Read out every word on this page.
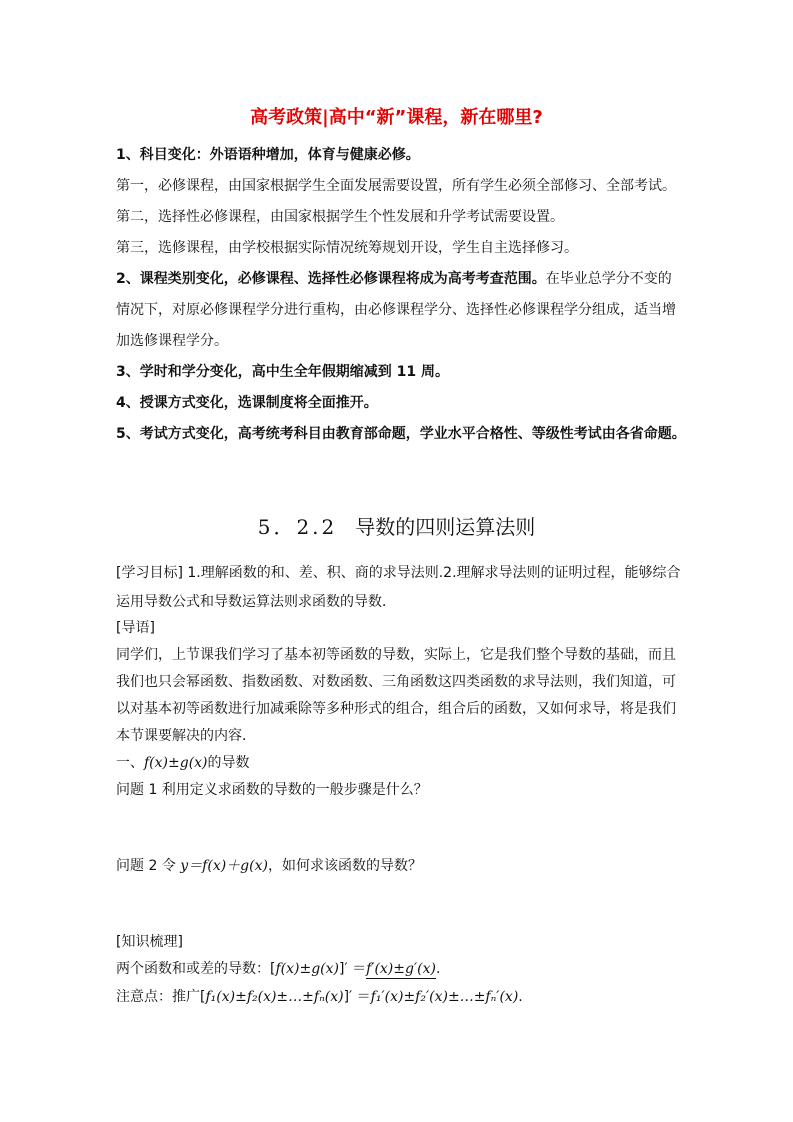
高考政策|高中“新”课程，新在哪里?
1、科目变化：外语语种增加，体育与健康必修。
第一，必修课程，由国家根据学生全面发展需要设置，所有学生必须全部修习、全部考试。
第二，选择性必修课程，由国家根据学生个性发展和升学考试需要设置。
第三，选修课程，由学校根据实际情况统筹规划开设，学生自主选择修习。
2、课程类别变化，必修课程、选择性必修课程将成为高考考查范围。在毕业总学分不变的
情况下，对原必修课程学分进行重构，由必修课程学分、选择性必修课程学分组成，适当增
加选修课程学分。
3、学时和学分变化，高中生全年假期缩减到 11 周。
4、授课方式变化，选课制度将全面推开。
5、考试方式变化，高考统考科目由教育部命题，学业水平合格性、等级性考试由各省命题。
5．2.2 导数的四则运算法则
[学习目标] 1.理解函数的和、差、积、商的求导法则.2.理解求导法则的证明过程，能够综合
运用导数公式和导数运算法则求函数的导数．
[导语]
同学们，上节课我们学习了基本初等函数的导数，实际上，它是我们整个导数的基础，而且
我们也只会幂函数、指数函数、对数函数、三角函数这四类函数的求导法则，我们知道，可
以对基本初等函数进行加减乘除等多种形式的组合，组合后的函数，又如何求导，将是我们
本节课要解决的内容．
一、f(x)±g(x)的导数
问题 1 利用定义求函数的导数的一般步骤是什么？
问题 2 令 y＝f(x)＋g(x)，如何求该函数的导数？
[知识梳理]
两个函数和或差的导数：[f(x)±g(x)]′ ＝f′(x)±g′(x).
注意点：推广[f₁(x)±f₂(x)±…±fₙ(x)]′ ＝f₁′(x)±f₂′(x)±…±fₙ′(x).
